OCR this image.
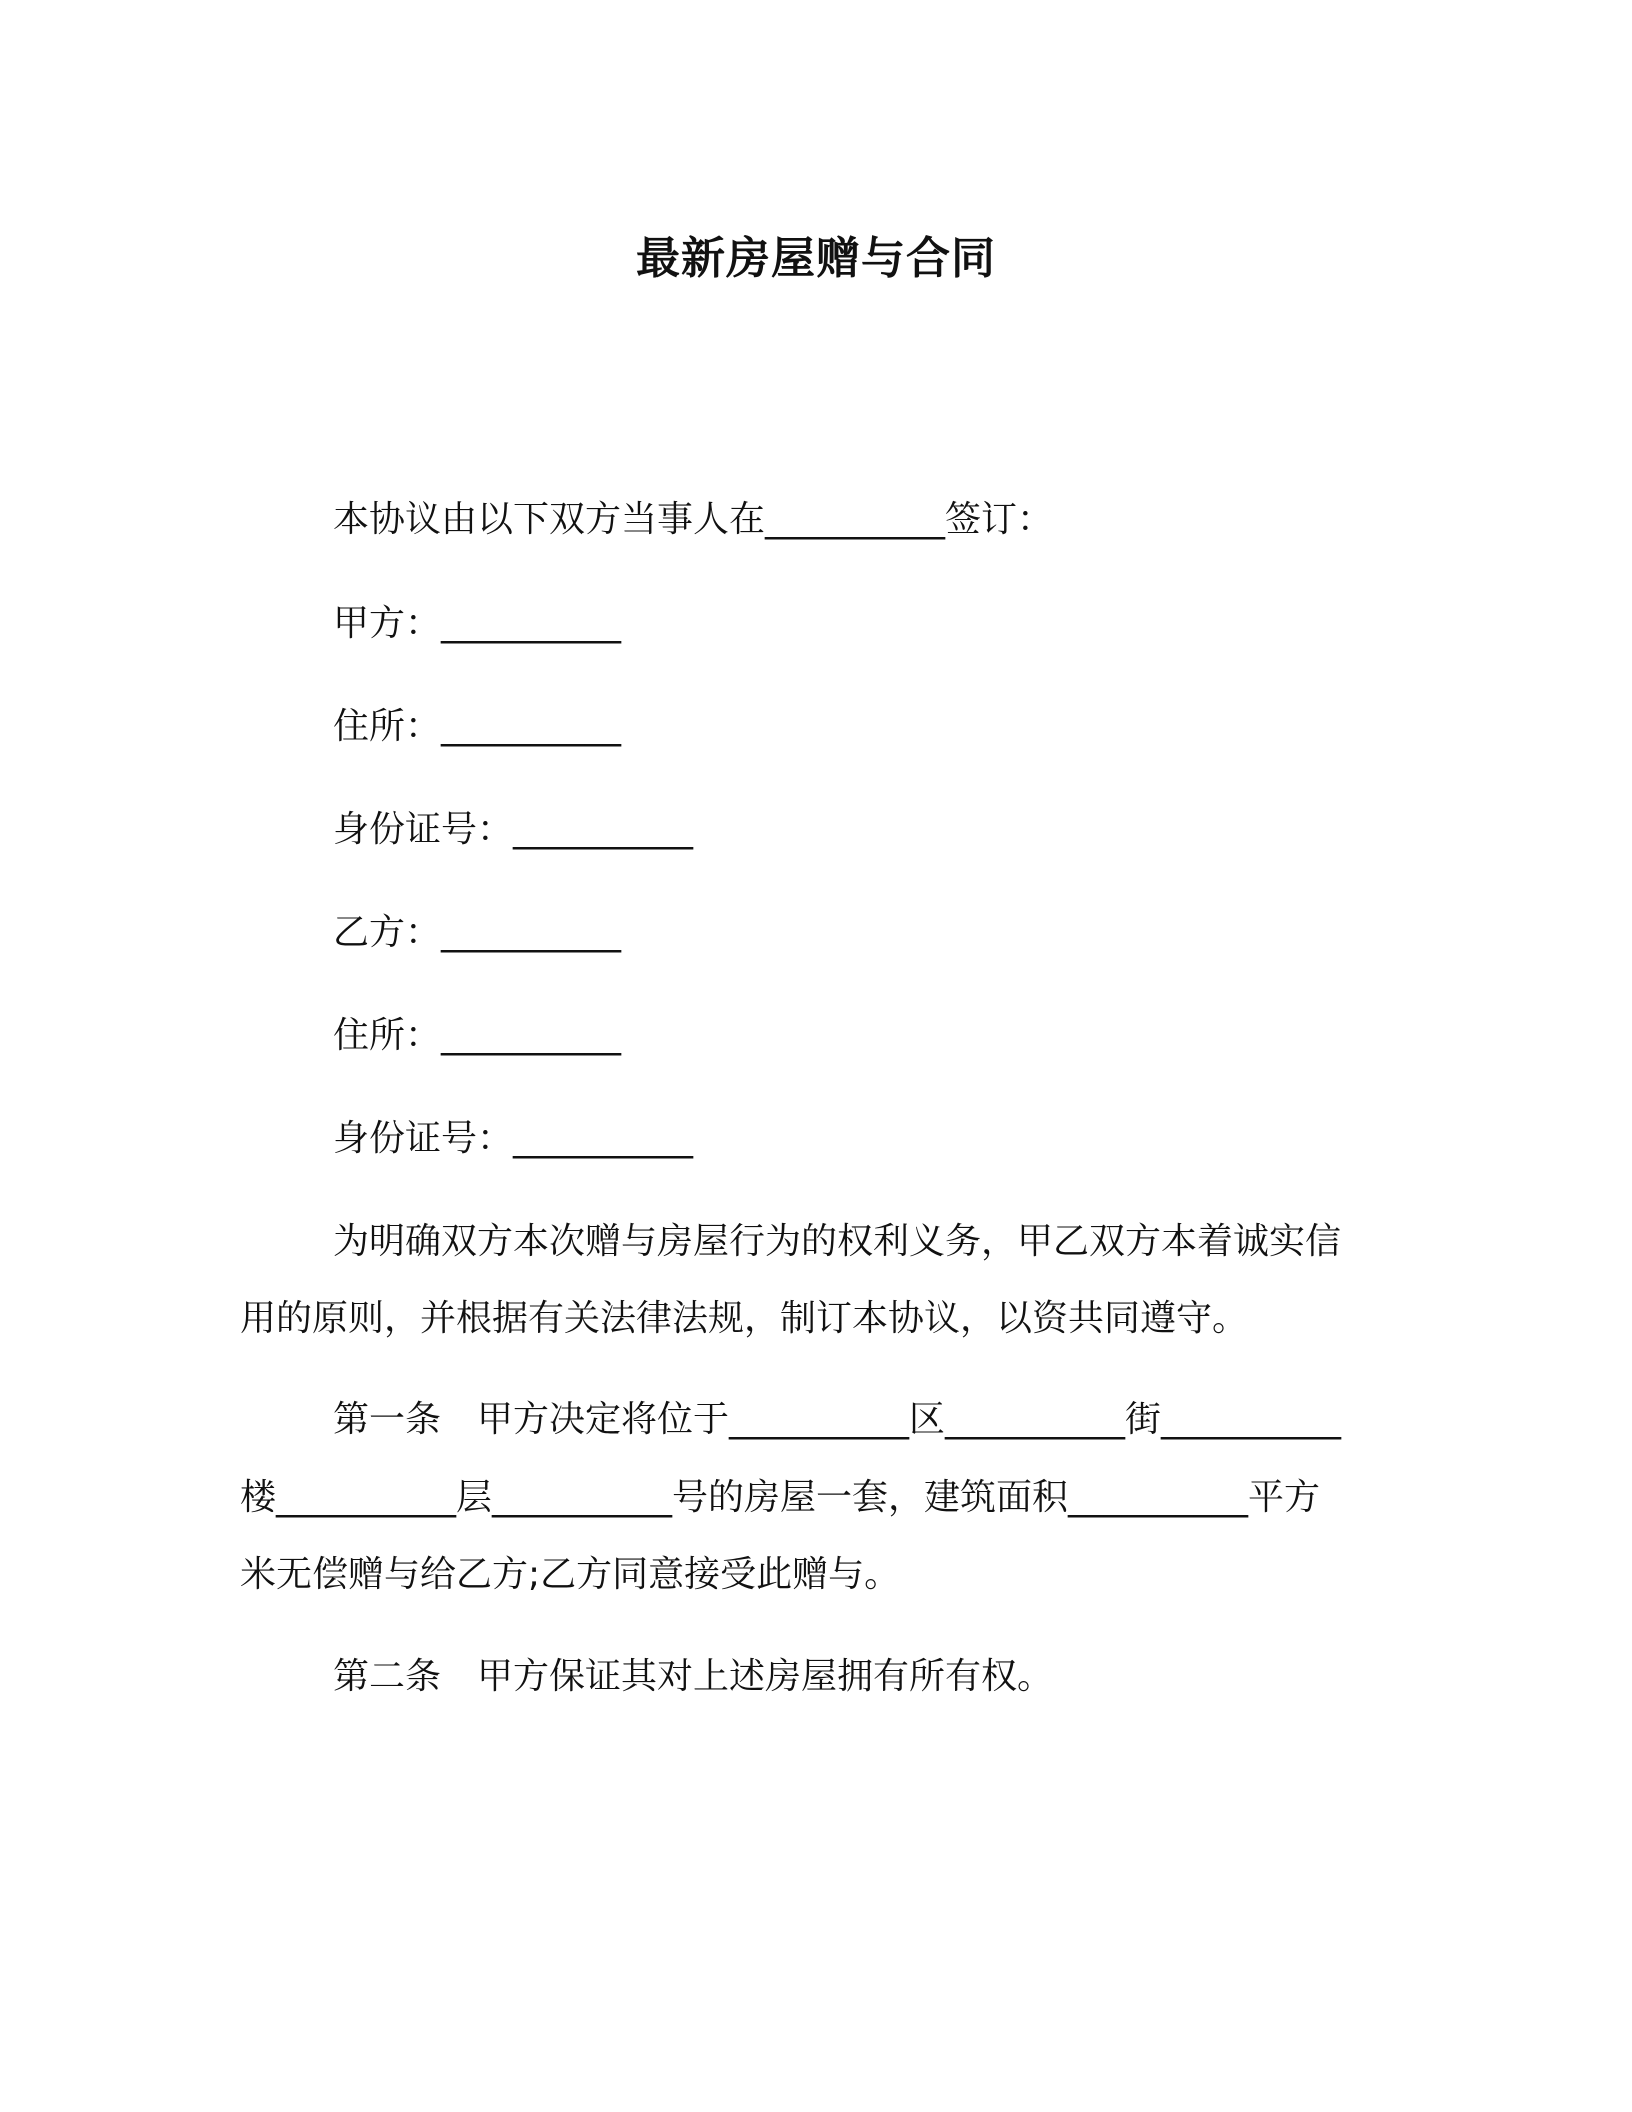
最新房屋赠与合同
本协议由以下双方当事人在__________签订：
甲方：__________
住所：__________
身份证号：__________
乙方：__________
住所：__________
身份证号：__________
为明确双方本次赠与房屋行为的权利义务，甲乙双方本着诚实信
用的原则，并根据有关法律法规，制订本协议，以资共同遵守。
第一条　甲方决定将位于__________区__________街__________
楼__________层__________号的房屋一套，建筑面积__________平方
米无偿赠与给乙方;乙方同意接受此赠与。
第二条　甲方保证其对上述房屋拥有所有权。
